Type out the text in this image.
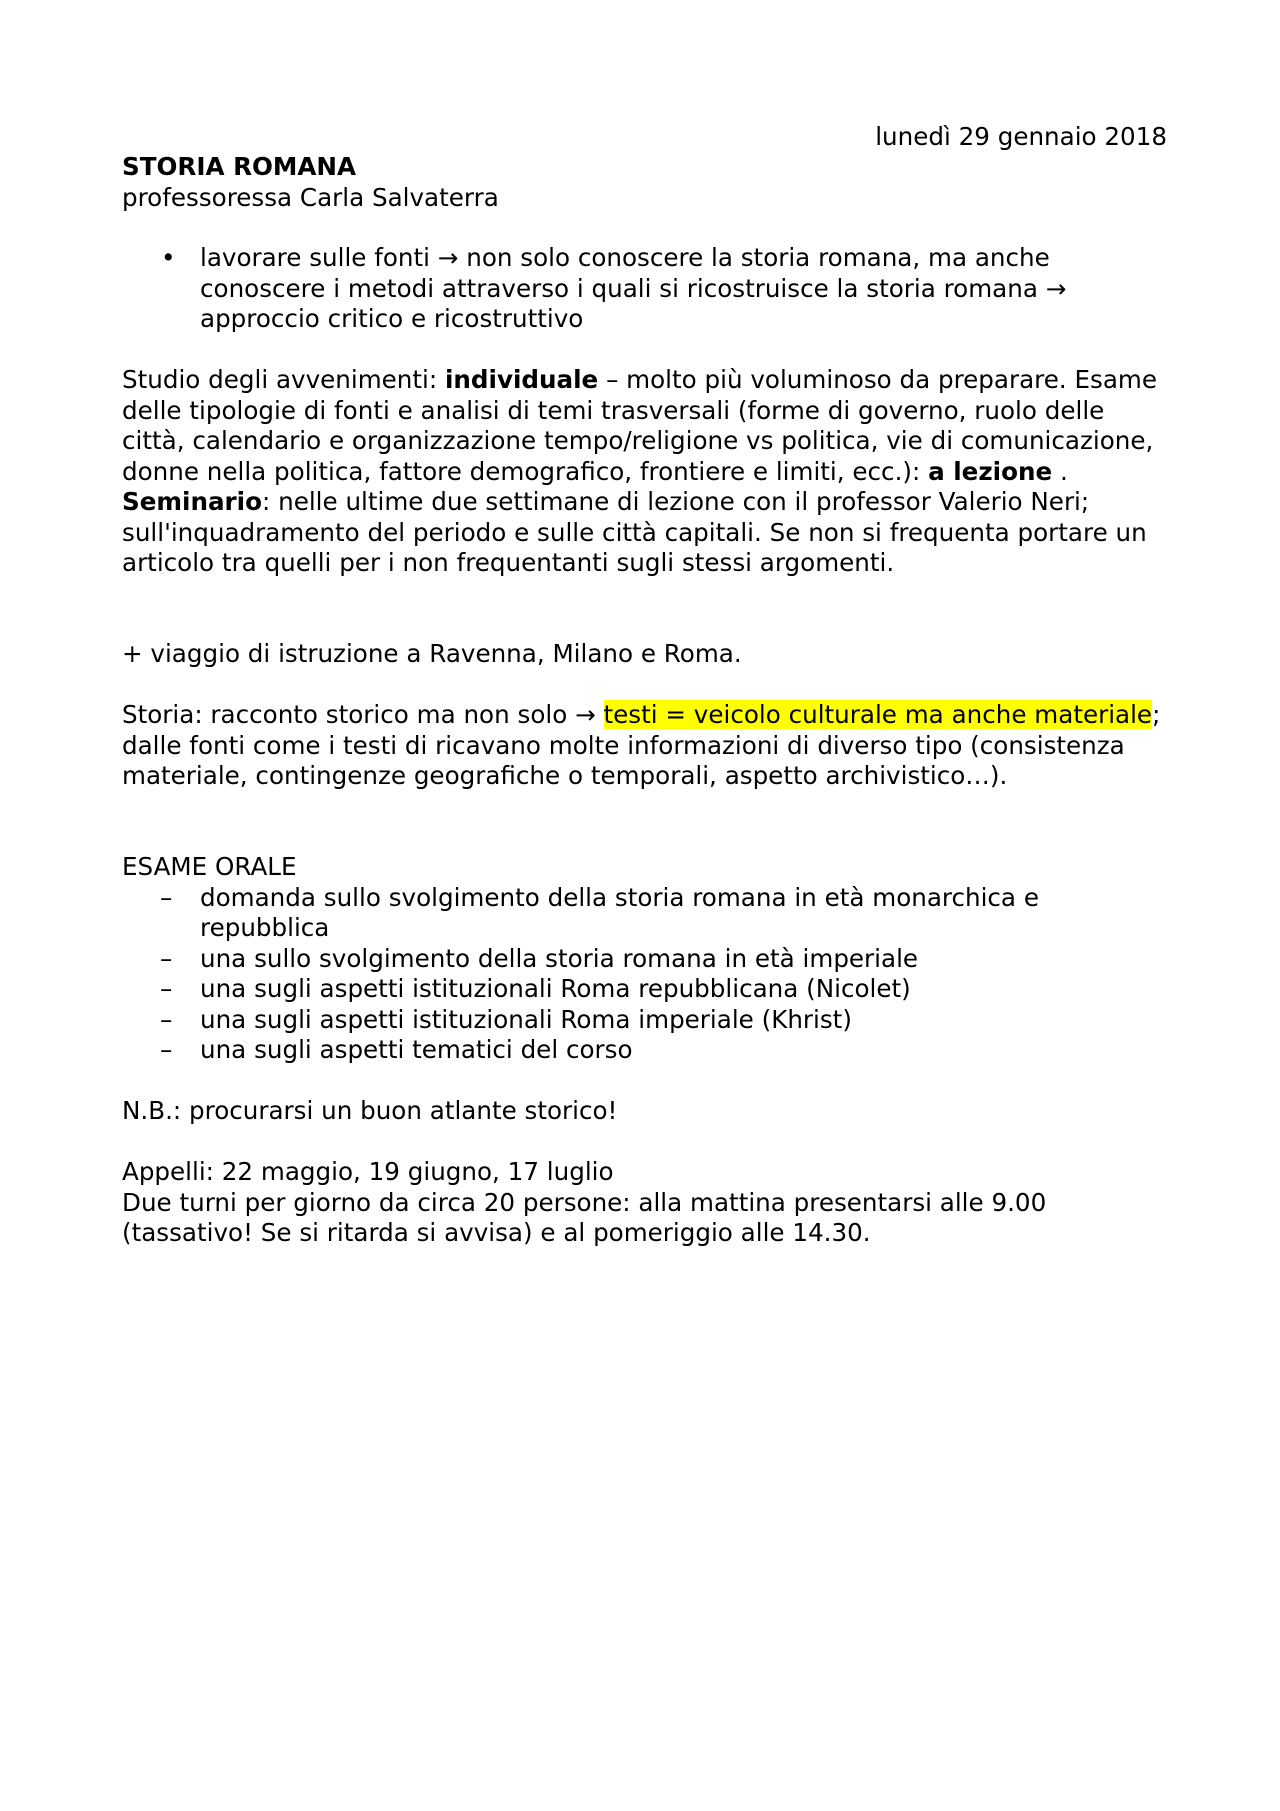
lunedì 29 gennaio 2018
STORIA ROMANA
professoressa Carla Salvaterra
• lavorare sulle fonti → non solo conoscere la storia romana, ma anche conoscere i metodi attraverso i quali si ricostruisce la storia romana → approccio critico e ricostruttivo

Studio degli avvenimenti: individuale – molto più voluminoso da preparare. Esame delle tipologie di fonti e analisi di temi trasversali (forme di governo, ruolo delle città, calendario e organizzazione tempo/religione vs politica, vie di comunicazione, donne nella politica, fattore demografico, frontiere e limiti, ecc.): a lezione .

Seminario: nelle ultime due settimane di lezione con il professor Valerio Neri; sull'inquadramento del periodo e sulle città capitali. Se non si frequenta portare un articolo tra quelli per i non frequentanti sugli stessi argomenti.

+ viaggio di istruzione a Ravenna, Milano e Roma.

Storia: racconto storico ma non solo → testi = veicolo culturale ma anche materiale; dalle fonti come i testi di ricavano molte informazioni di diverso tipo (consistenza materiale, contingenze geografiche o temporali, aspetto archivistico…).

ESAME ORALE
– domanda sullo svolgimento della storia romana in età monarchica e repubblica
– una sullo svolgimento della storia romana in età imperiale
– una sugli aspetti istituzionali Roma repubblicana (Nicolet)
– una sugli aspetti istituzionali Roma imperiale (Khrist)
– una sugli aspetti tematici del corso
N.B.: procurarsi un buon atlante storico!

Appelli: 22 maggio, 19 giugno, 17 luglio

Due turni per giorno da circa 20 persone: alla mattina presentarsi alle 9.00 (tassativo! Se si ritarda si avvisa) e al pomeriggio alle 14.30.
